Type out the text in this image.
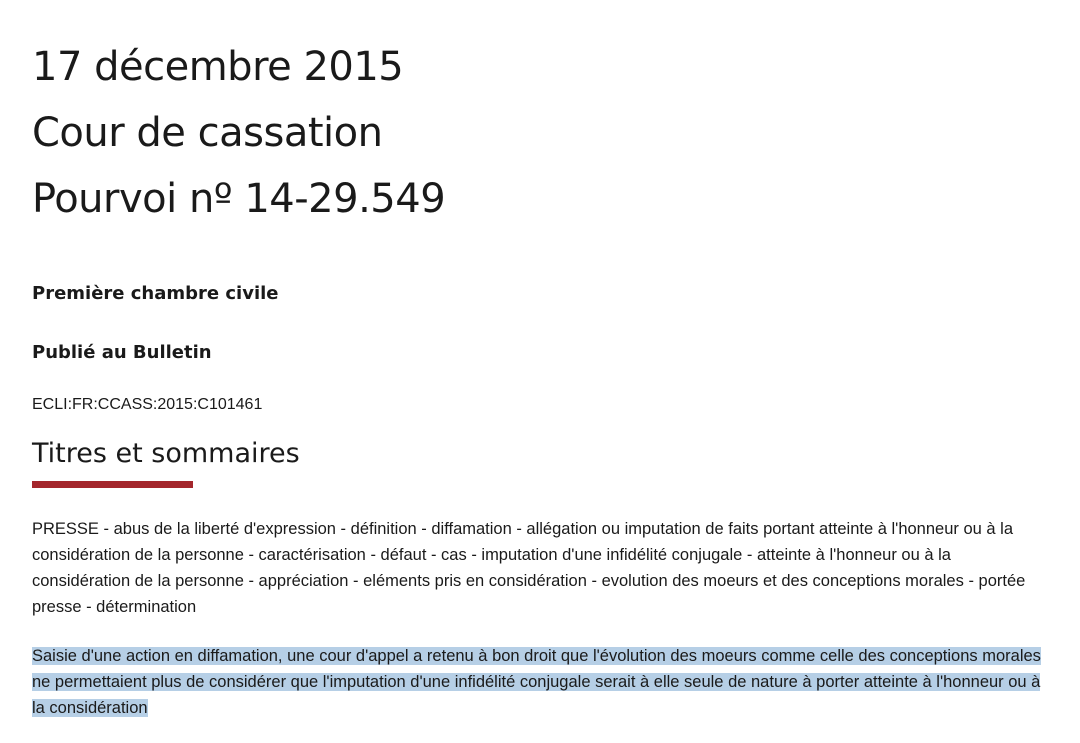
17 décembre 2015
Cour de cassation
Pourvoi nº 14-29.549

Première chambre civile

Publié au Bulletin

ECLI:FR:CCASS:2015:C101461

Titres et sommaires

PRESSE - abus de la liberté d'expression - définition - diffamation - allégation ou imputation de faits portant atteinte à l'honneur ou à la considération de la personne - caractérisation - défaut - cas - imputation d'une infidélité conjugale - atteinte à l'honneur ou à la considération de la personne - appréciation - eléments pris en considération - evolution des moeurs et des conceptions morales - portée presse - détermination

Saisie d'une action en diffamation, une cour d'appel a retenu à bon droit que l'évolution des moeurs comme celle des conceptions morales ne permettaient plus de considérer que l'imputation d'une infidélité conjugale serait à elle seule de nature à porter atteinte à l'honneur ou à la considération
